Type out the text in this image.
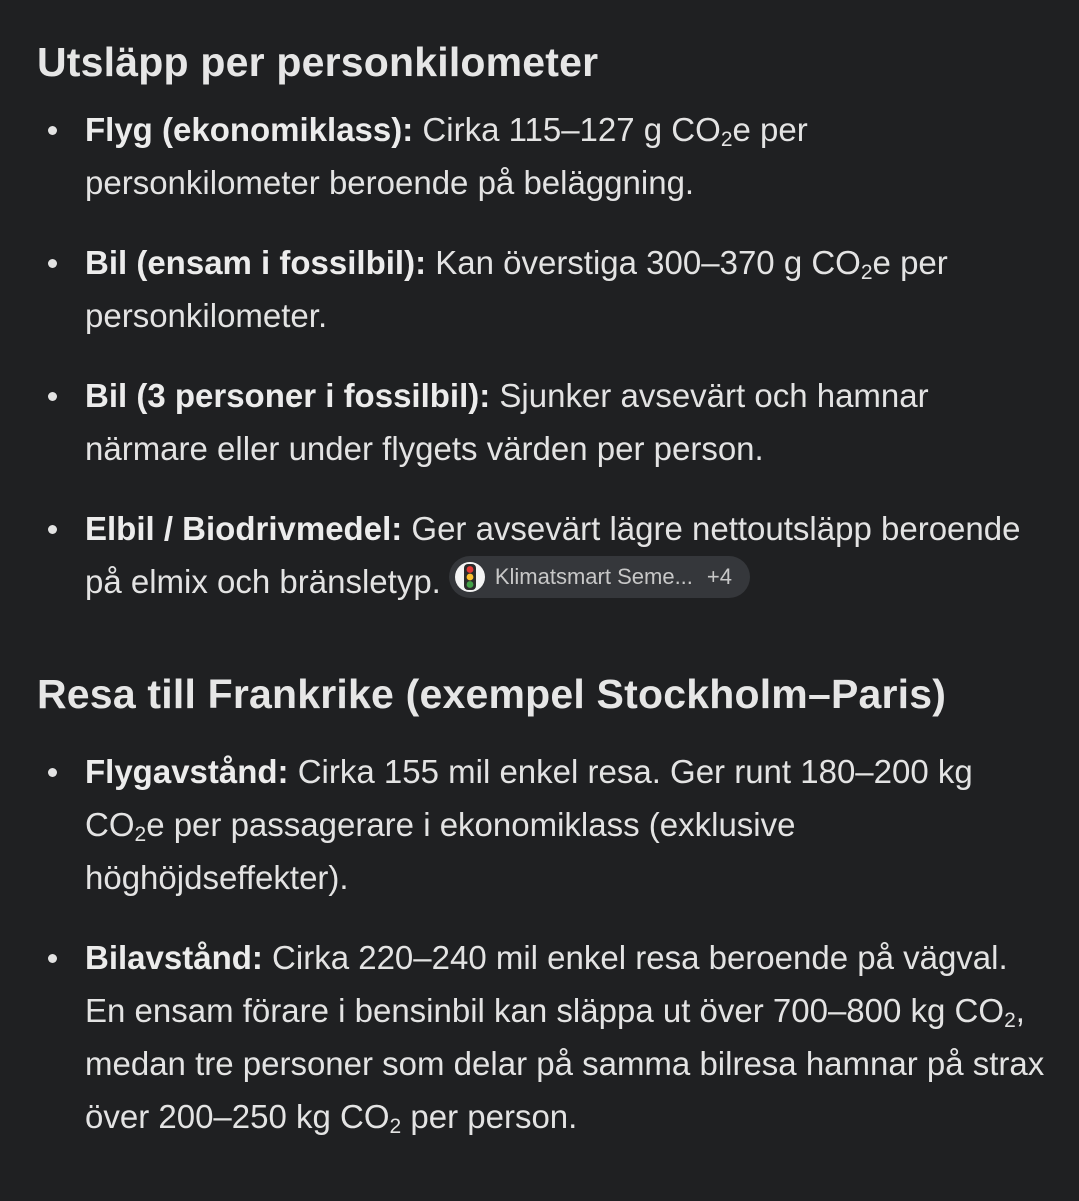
Utsläpp per personkilometer
Flyg (ekonomiklass): Cirka 115–127 g $CO_2e$ per personkilometer beroende på beläggning.
Bil (ensam i fossilbil): Kan överstiga 300–370 g $CO_2e$ per personkilometer.
Bil (3 personer i fossilbil): Sjunker avsevärt och hamnar närmare eller under flygets värden per person.
Elbil / Biodrivmedel: Ger avsevärt lägre nettoutsläpp beroende på elmix och bränsletyp. Klimatsmart Seme... +4
Resa till Frankrike (exempel Stockholm–Paris)
Flygavstånd: Cirka 155 mil enkel resa. Ger runt 180–200 kg $CO_2e$ per passagerare i ekonomiklass (exklusive höghöjdseffekter).
Bilavstånd: Cirka 220–240 mil enkel resa beroende på vägval. En ensam förare i bensinbil kan släppa ut över 700–800 kg $CO_2$, medan tre personer som delar på samma bilresa hamnar på strax över 200–250 kg $CO_2$ per person.
